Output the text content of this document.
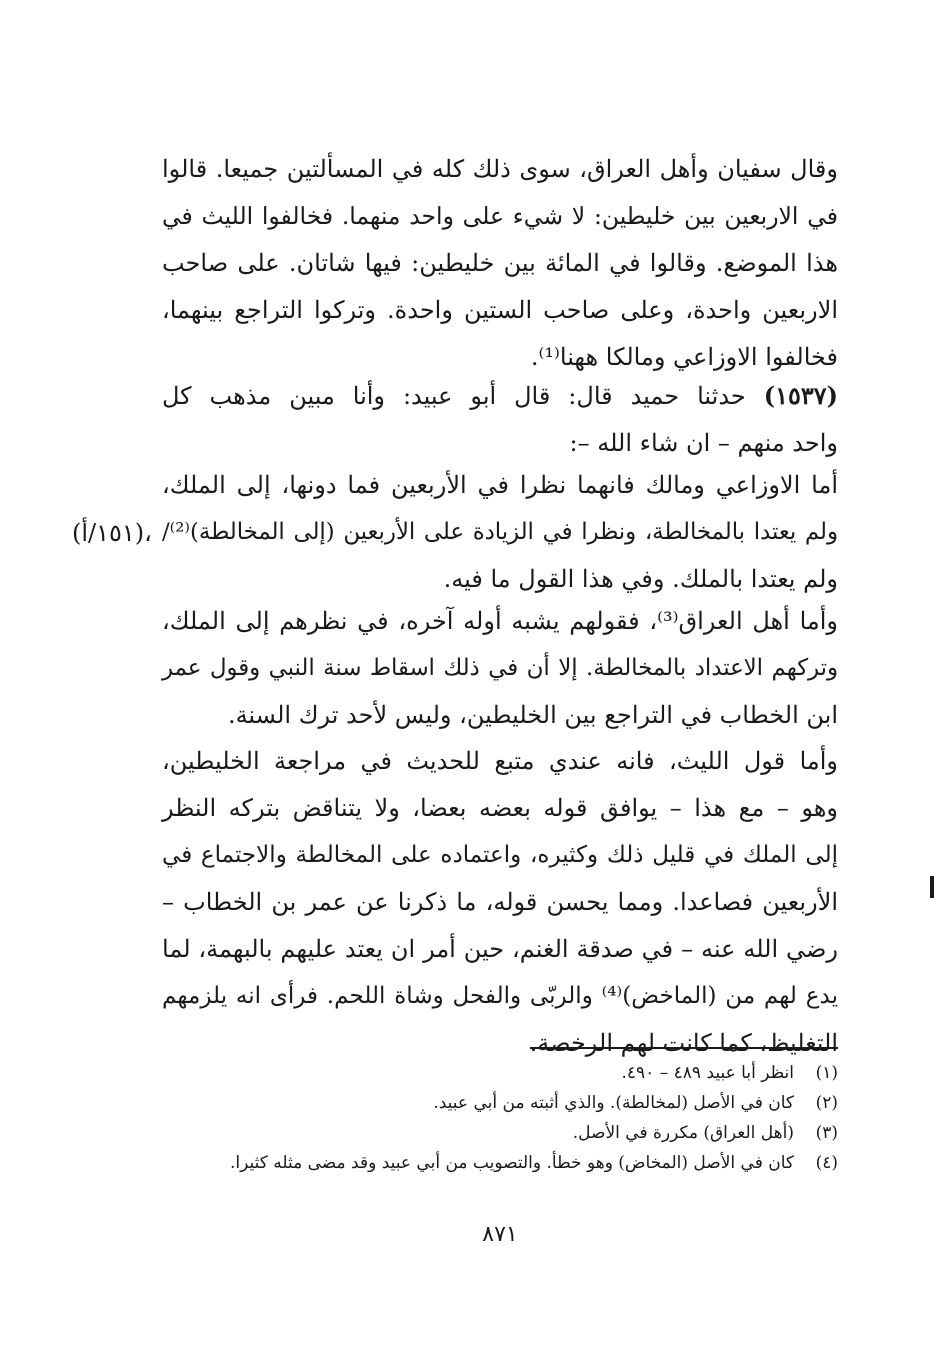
وقال سفيان وأهل العراق، سوى ذلك كله في المسألتين جميعا. قالوا
في الاربعين بين خليطين: لا شيء على واحد منهما. فخالفوا الليث في
هذا الموضع. وقالوا في المائة بين خليطين: فيها شاتان. على صاحب
الاربعين واحدة، وعلى صاحب الستين واحدة. وتركوا التراجع بينهما،
فخالفوا الاوزاعي ومالكا ههنا⁽¹⁾.
(١٥٣٧) حدثنا حميد قال: قال أبو عبيد: وأنا مبين مذهب كل
واحد منهم – ان شاء الله –:
أما الاوزاعي ومالك فانهما نظرا في الأربعين فما دونها، إلى الملك،
ولم يعتدا بالمخالطة، ونظرا في الزيادة على الأربعين (إلى المخالطة)⁽²⁾/
ولم يعتدا بالملك. وفي هذا القول ما فيه.
،(١٥١/أ)
وأما أهل العراق⁽³⁾، فقولهم يشبه أوله آخره، في نظرهم إلى الملك،
وتركهم الاعتداد بالمخالطة. إلا أن في ذلك اسقاط سنة النبي وقول عمر
ابن الخطاب في التراجع بين الخليطين، وليس لأحد ترك السنة.
وأما قول الليث، فانه عندي متبع للحديث في مراجعة الخليطين،
وهو – مع هذا – يوافق قوله بعضه بعضا، ولا يتناقض بتركه النظر
إلى الملك في قليل ذلك وكثيره، واعتماده على المخالطة والاجتماع في
الأربعين فصاعدا. ومما يحسن قوله، ما ذكرنا عن عمر بن الخطاب –
رضي الله عنه – في صدقة الغنم، حين أمر ان يعتد عليهم بالبهمة، لما
يدع لهم من (الماخض)⁽⁴⁾ والربّى والفحل وشاة اللحم. فرأى انه يلزمهم
التغليظ، كما كانت لهم الرخصة.
(١)انظر أبا عبيد ٤٨٩ – ٤٩٠.
(٢)كان في الأصل (لمخالطة). والذي أثبته من أبي عبيد.
(٣)(أهل العراق) مكررة في الأصل.
(٤)كان في الأصل (المخاض) وهو خطأ. والتصويب من أبي عبيد وقد مضى مثله كثيرا.
٨٧١
